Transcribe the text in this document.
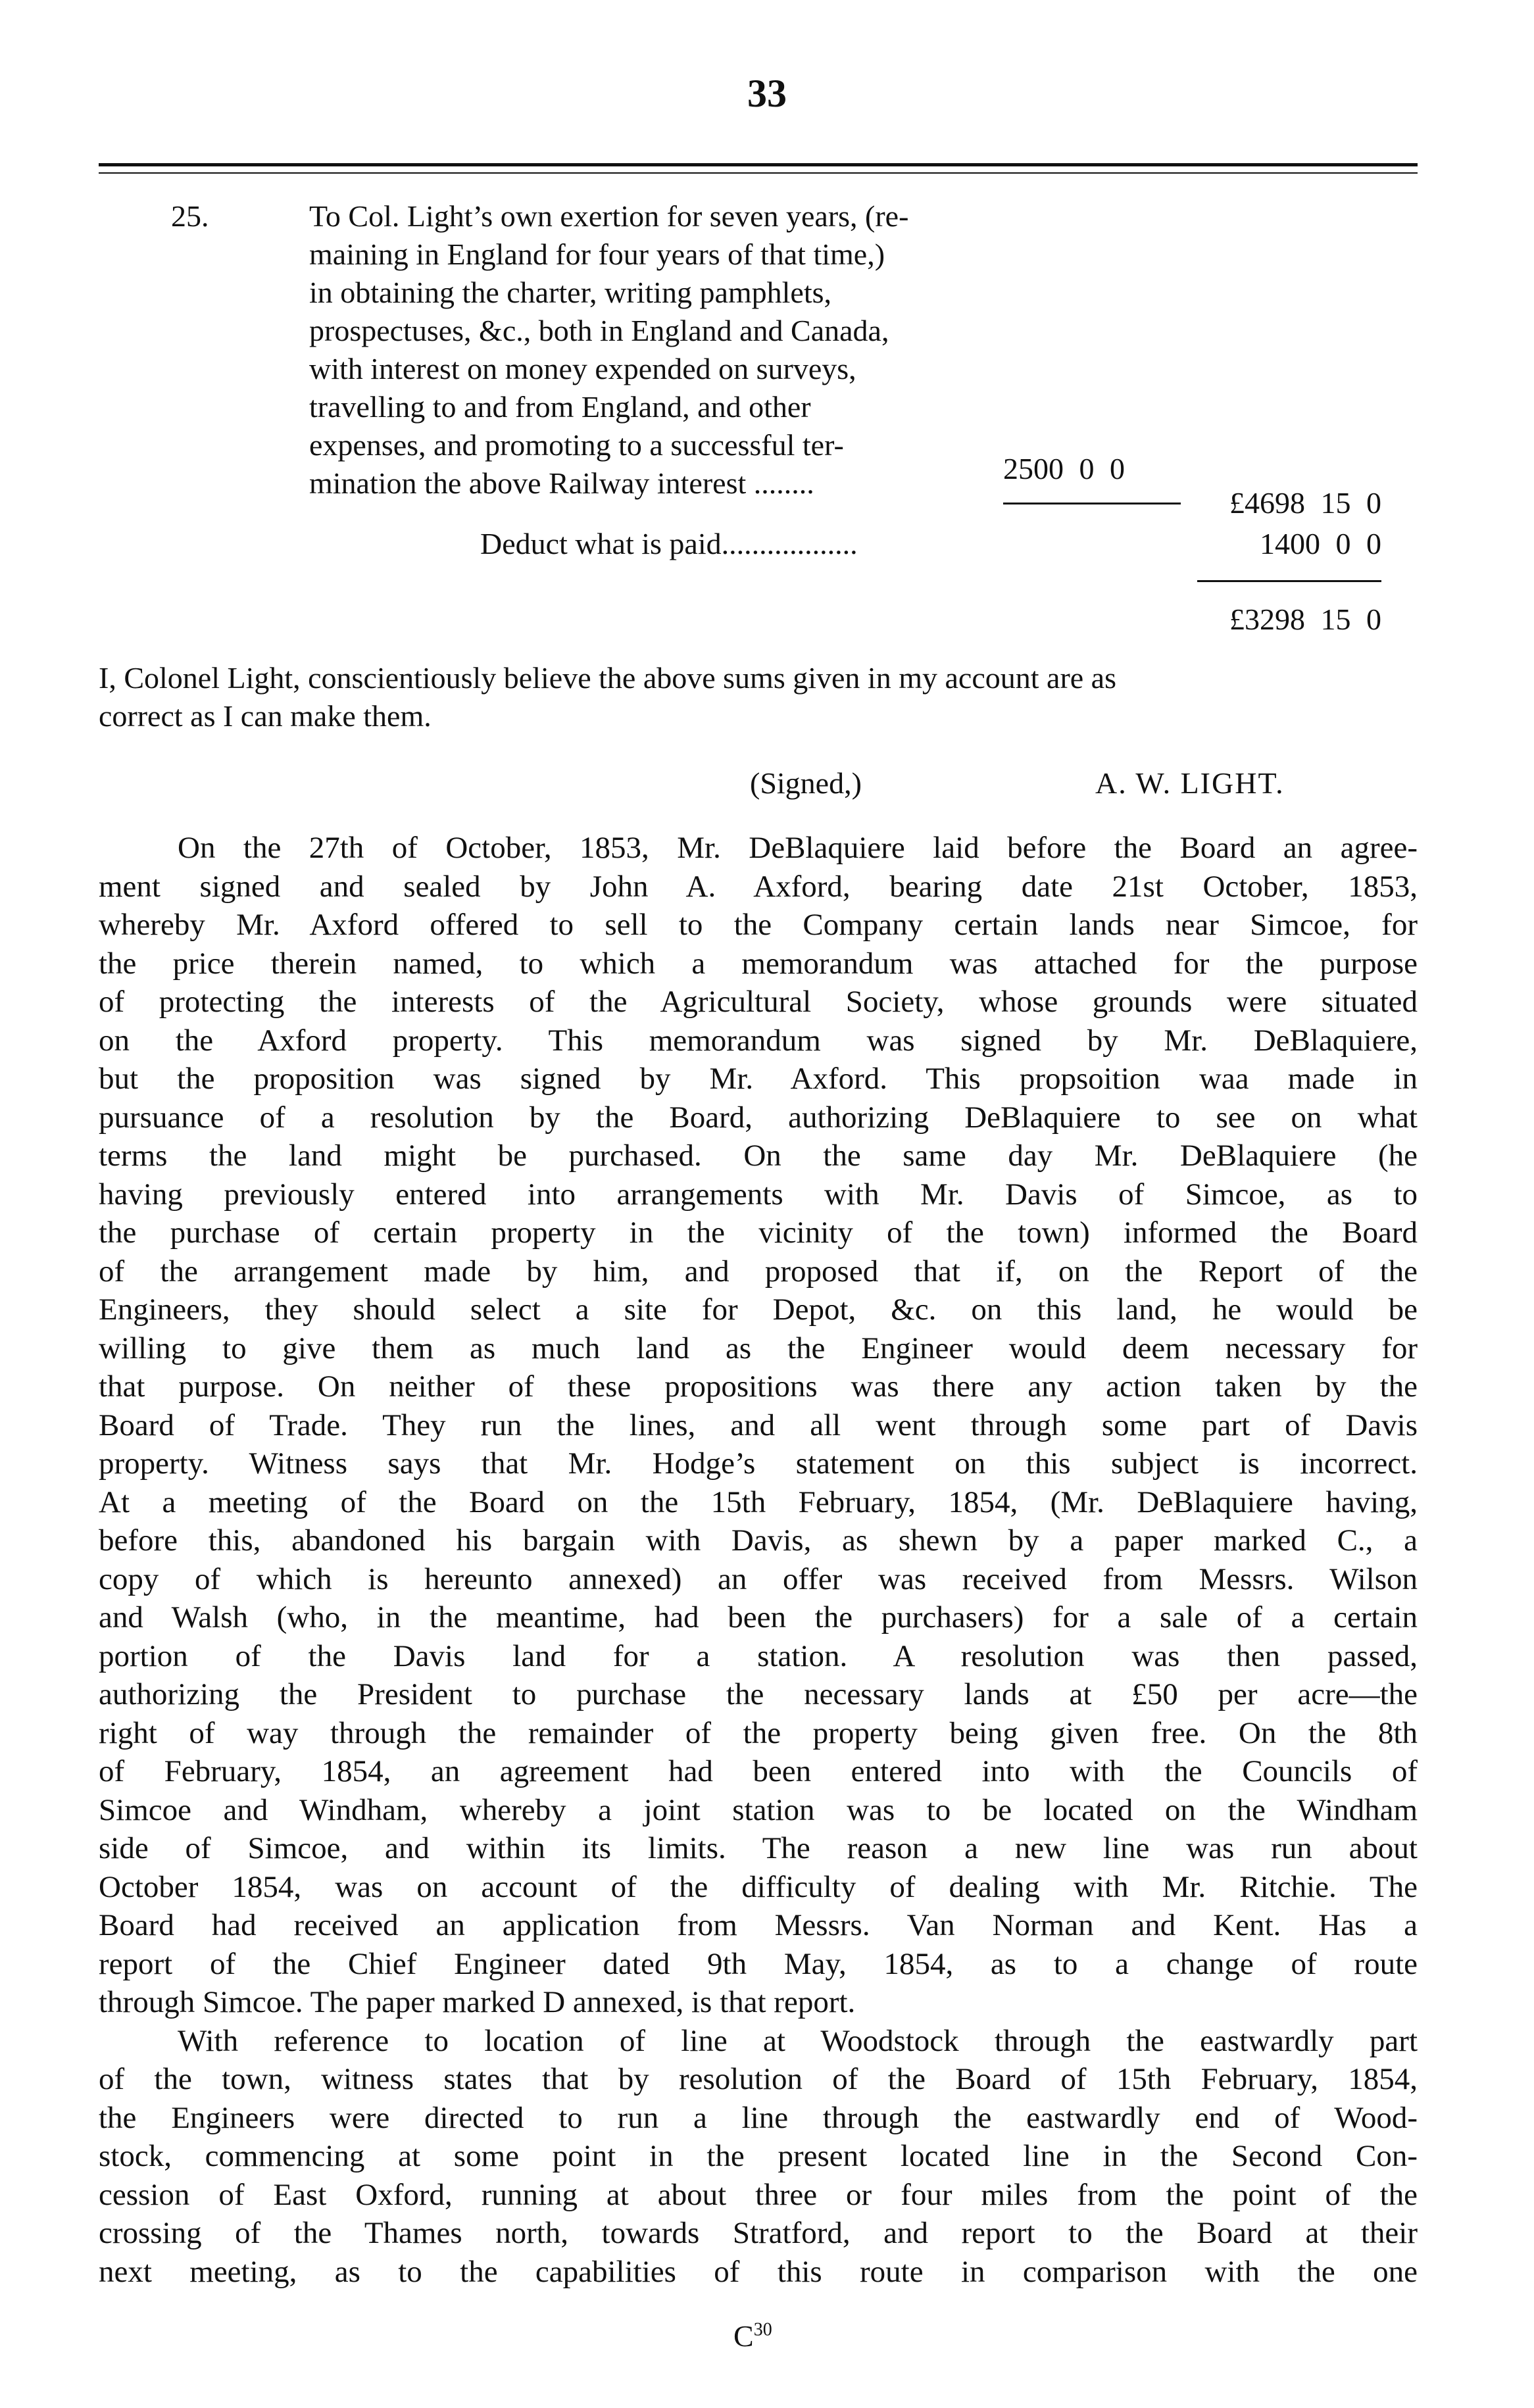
33
25.	To Col. Light’s own exertion for seven years, (re-
maining in England for four years of that time,)
in obtaining the charter, writing pamphlets,
prospectuses, &c., both in England and Canada,
with interest on money expended on surveys,
travelling to and from England, and other
expenses, and promoting to a successful ter-
mination the above Railway interest ........	2500 0 0
£4698 15 0
Deduct what is paid..................	1400 0 0
£3298 15 0
I, Colonel Light, conscientiously believe the above sums given in my account are as
correct as I can make them.
(Signed,)	A. W. LIGHT.
On the 27th of October, 1853, Mr. DeBlaquiere laid before the Board an agree-
ment signed and sealed by John A. Axford, bearing date 21st October, 1853,
whereby Mr. Axford offered to sell to the Company certain lands near Simcoe, for
the price therein named, to which a memorandum was attached for the purpose
of protecting the interests of the Agricultural Society, whose grounds were situated
on the Axford property. This memorandum was signed by Mr. DeBlaquiere,
but the proposition was signed by Mr. Axford. This propsoition waa made in
pursuance of a resolution by the Board, authorizing DeBlaquiere to see on what
terms the land might be purchased. On the same day Mr. DeBlaquiere (he
having previously entered into arrangements with Mr. Davis of Simcoe, as to
the purchase of certain property in the vicinity of the town) informed the Board
of the arrangement made by him, and proposed that if, on the Report of the
Engineers, they should select a site for Depot, &c. on this land, he would be
willing to give them as much land as the Engineer would deem necessary for
that purpose. On neither of these propositions was there any action taken by the
Board of Trade. They run the lines, and all went through some part of Davis
property. Witness says that Mr. Hodge’s statement on this subject is incorrect.
At a meeting of the Board on the 15th February, 1854, (Mr. DeBlaquiere having,
before this, abandoned his bargain with Davis, as shewn by a paper marked C., a
copy of which is hereunto annexed) an offer was received from Messrs. Wilson
and Walsh (who, in the meantime, had been the purchasers) for a sale of a certain
portion of the Davis land for a station. A resolution was then passed,
authorizing the President to purchase the necessary lands at £50 per acre—the
right of way through the remainder of the property being given free. On the 8th
of February, 1854, an agreement had been entered into with the Councils of
Simcoe and Windham, whereby a joint station was to be located on the Windham
side of Simcoe, and within its limits. The reason a new line was run about
October 1854, was on account of the difficulty of dealing with Mr. Ritchie. The
Board had received an application from Messrs. Van Norman and Kent. Has a
report of the Chief Engineer dated 9th May, 1854, as to a change of route
through Simcoe. The paper marked D annexed, is that report.
With reference to location of line at Woodstock through the eastwardly part
of the town, witness states that by resolution of the Board of 15th February, 1854,
the Engineers were directed to run a line through the eastwardly end of Wood-
stock, commencing at some point in the present located line in the Second Con-
cession of East Oxford, running at about three or four miles from the point of the
crossing of the Thames north, towards Stratford, and report to the Board at their
next meeting, as to the capabilities of this route in comparison with the one
$C^{30}$
